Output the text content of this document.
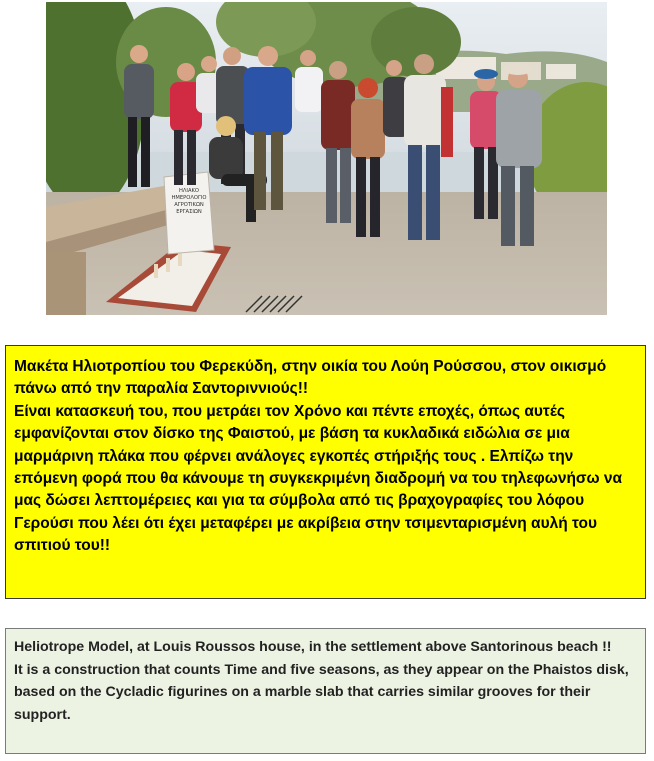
ΗΛΙΑΚΟ
ΗΜΕΡΟΛΟΓΙΟ
ΑΓΡΟΤΙΚΩΝ
ΕΡΓΑΣΙΩΝ

Μακέτα Ηλιοτροπίου του Φερεκύδη, στην οικία του Λούη Ρούσσου, στον οικισμό πάνω από την παραλία Σαντοριννιούς!!

Είναι κατασκευή του, που μετράει τον Χρόνο και πέντε εποχές, όπως αυτές εμφανίζονται στον δίσκο της Φαιστού, με βάση τα κυκλαδικά ειδώλια σε μια μαρμάρινη πλάκα που φέρνει ανάλογες εγκοπές στήριξής τους . Ελπίζω την επόμενη φορά που θα κάνουμε τη συγκεκριμένη διαδρομή να του τηλεφωνήσω να μας δώσει λεπτομέρειες και για τα σύμβολα από τις βραχογραφίες του λόφου Γερούσι που λέει ότι έχει μεταφέρει με ακρίβεια στην τσιμενταρισμένη αυλή του σπιτιού του!!

Heliotrope Model, at Louis Roussos house, in the settlement above Santorinous beach !!

It is a construction that counts Time and five seasons, as they appear on the Phaistos disk, based on the Cycladic figurines on a marble slab that carries similar grooves for their support.
